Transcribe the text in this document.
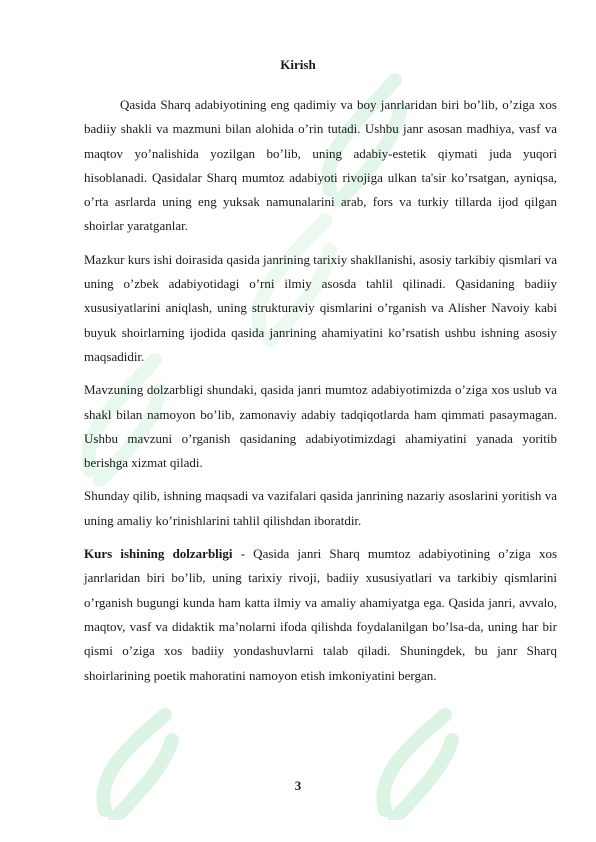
Kirish

Qasida Sharq adabiyotining eng qadimiy va boy janrlaridan biri bo’lib, o’ziga xos badiiy shakli va mazmuni bilan alohida o’rin tutadi. Ushbu janr asosan madhiya, vasf va maqtov yo’nalishida yozilgan bo’lib, uning adabiy-estetik qiymati juda yuqori hisoblanadi. Qasidalar Sharq mumtoz adabiyoti rivojiga ulkan ta'sir ko’rsatgan, ayniqsa, o’rta asrlarda uning eng yuksak namunalarini arab, fors va turkiy tillarda ijod qilgan shoirlar yaratganlar.

Mazkur kurs ishi doirasida qasida janrining tarixiy shakllanishi, asosiy tarkibiy qismlari va uning o’zbek adabiyotidagi o’rni ilmiy asosda tahlil qilinadi. Qasidaning badiiy xususiyatlarini aniqlash, uning strukturaviy qismlarini o’rganish va Alisher Navoiy kabi buyuk shoirlarning ijodida qasida janrining ahamiyatini ko’rsatish ushbu ishning asosiy maqsadidir.

Mavzuning dolzarbligi shundaki, qasida janri mumtoz adabiyotimizda o’ziga xos uslub va shakl bilan namoyon bo’lib, zamonaviy adabiy tadqiqotlarda ham qimmati pasaymagan. Ushbu mavzuni o’rganish qasidaning adabiyotimizdagi ahamiyatini yanada yoritib berishga xizmat qiladi.

Shunday qilib, ishning maqsadi va vazifalari qasida janrining nazariy asoslarini yoritish va uning amaliy ko’rinishlarini tahlil qilishdan iboratdir.

Kurs ishining dolzarbligi - Qasida janri Sharq mumtoz adabiyotining o’ziga xos janrlaridan biri bo’lib, uning tarixiy rivoji, badiiy xususiyatlari va tarkibiy qismlarini o’rganish bugungi kunda ham katta ilmiy va amaliy ahamiyatga ega. Qasida janri, avvalo, maqtov, vasf va didaktik ma’nolarni ifoda qilishda foydalanilgan bo’lsa-da, uning har bir qismi o’ziga xos badiiy yondashuvlarni talab qiladi. Shuningdek, bu janr Sharq shoirlarining poetik mahoratini namoyon etish imkoniyatini bergan.

3
